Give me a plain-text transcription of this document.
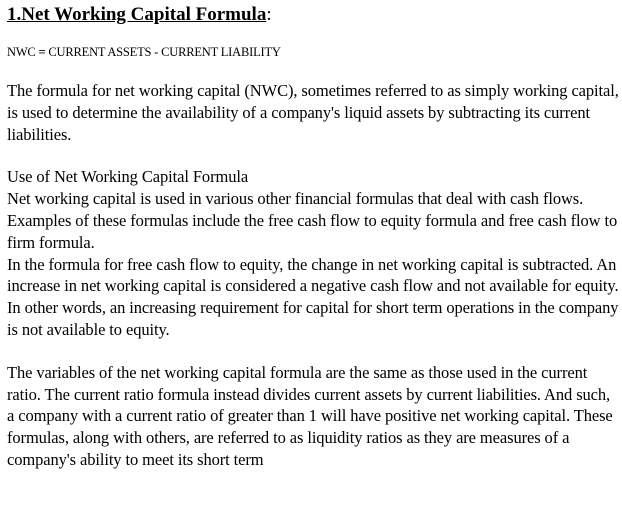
1.Net Working Capital Formula:

NWC = CURRENT ASSETS - CURRENT LIABILITY

The formula for net working capital (NWC), sometimes referred to as simply working capital, is used to determine the availability of a company's liquid assets by subtracting its current liabilities.

Use of Net Working Capital Formula

Net working capital is used in various other financial formulas that deal with cash flows. Examples of these formulas include the free cash flow to equity formula and free cash flow to firm formula.

In the formula for free cash flow to equity, the change in net working capital is subtracted. An increase in net working capital is considered a negative cash flow and not available for equity. In other words, an increasing requirement for capital for short term operations in the company is not available to equity.

The variables of the net working capital formula are the same as those used in the current ratio. The current ratio formula instead divides current assets by current liabilities. And such, a company with a current ratio of greater than 1 will have positive net working capital. These formulas, along with others, are referred to as liquidity ratios as they are measures of a company's ability to meet its short term
